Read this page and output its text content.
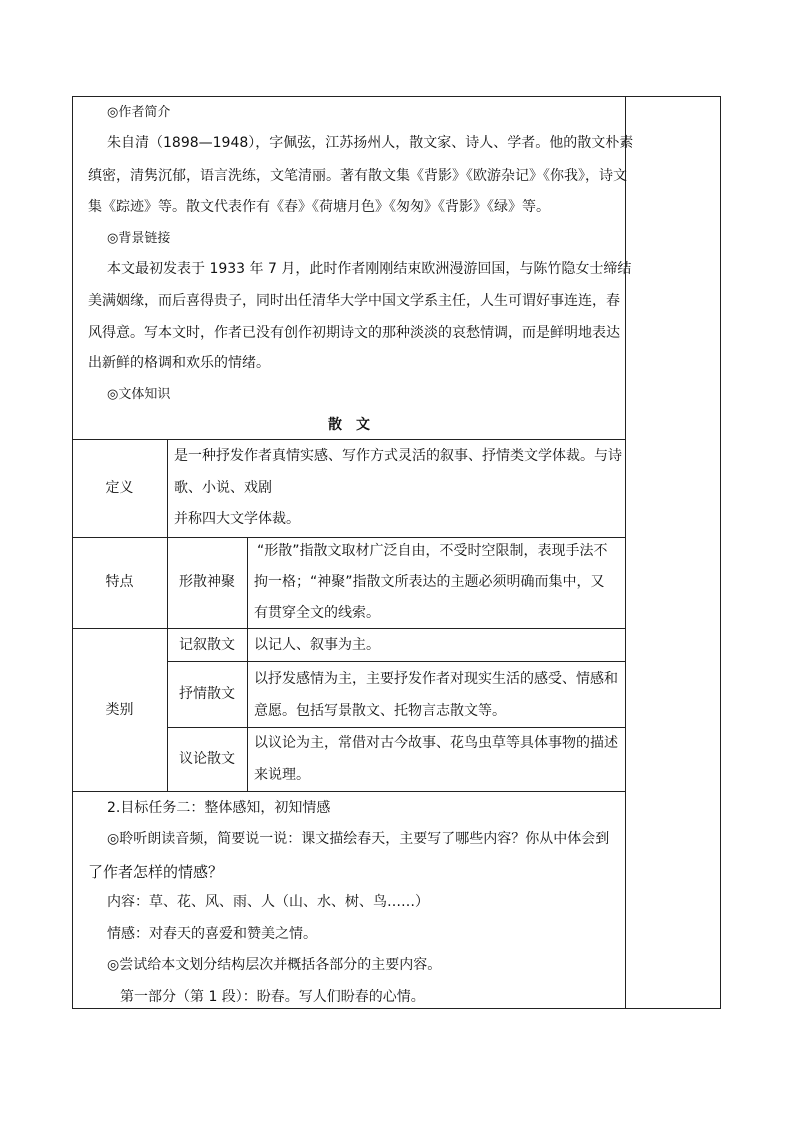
◎作者简介
朱自清（1898—1948），字佩弦，江苏扬州人，散文家、诗人、学者。他的散文朴素
缜密，清隽沉郁，语言洗练，文笔清丽。著有散文集《背影》《欧游杂记》《你我》，诗文
集《踪迹》等。散文代表作有《春》《荷塘月色》《匆匆》《背影》《绿》等。
◎背景链接
本文最初发表于 1933 年 7 月，此时作者刚刚结束欧洲漫游回国，与陈竹隐女士缔结
美满姻缘，而后喜得贵子，同时出任清华大学中国文学系主任，人生可谓好事连连，春
风得意。写本文时，作者已没有创作初期诗文的那种淡淡的哀愁情调，而是鲜明地表达
出新鲜的格调和欢乐的情绪。
◎文体知识
散　文
定义
是一种抒发作者真情实感、写作方式灵活的叙事、抒情类文学体裁。与诗
歌、小说、戏剧
并称四大文学体裁。
特点	形散神聚
“形散”指散文取材广泛自由，不受时空限制，表现手法不
拘一格；“神聚”指散文所表达的主题必须明确而集中，又
有贯穿全文的线索。
类别
记叙散文	以记人、叙事为主。
抒情散文
以抒发感情为主，主要抒发作者对现实生活的感受、情感和
意愿。包括写景散文、托物言志散文等。
议论散文
以议论为主，常借对古今故事、花鸟虫草等具体事物的描述
来说理。
2.目标任务二：整体感知，初知情感
◎聆听朗读音频，简要说一说：课文描绘春天，主要写了哪些内容？你从中体会到
了作者怎样的情感？
内容：草、花、风、雨、人（山、水、树、鸟……）
情感：对春天的喜爱和赞美之情。
◎尝试给本文划分结构层次并概括各部分的主要内容。
第一部分（第 1 段）：盼春。写人们盼春的心情。
